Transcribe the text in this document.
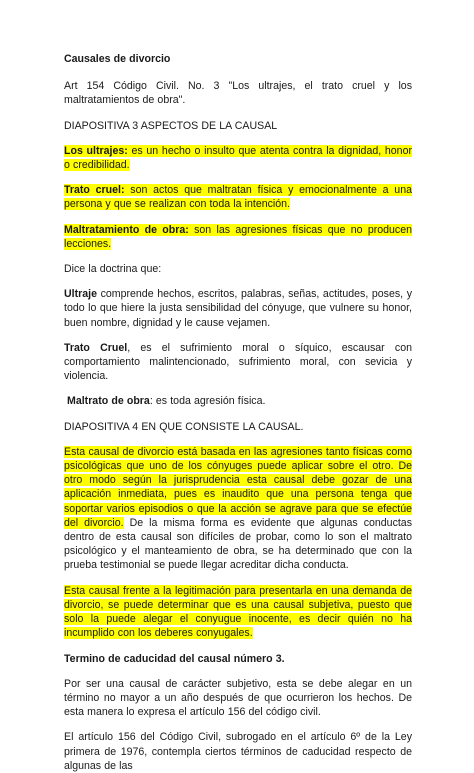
Causales de divorcio

Art 154 Código Civil. No. 3 "Los ultrajes, el trato cruel y los maltratamientos de obra".

DIAPOSITIVA 3 ASPECTOS DE LA CAUSAL

Los ultrajes: es un hecho o insulto que atenta contra la dignidad, honor o credibilidad.

Trato cruel: son actos que maltratan física y emocionalmente a una persona y que se realizan con toda la intención.

Maltratamiento de obra: son las agresiones físicas que no producen lecciones.

Dice la doctrina que:

Ultraje comprende hechos, escritos, palabras, señas, actitudes, poses, y todo lo que hiere la justa sensibilidad del cónyuge, que vulnere su honor, buen nombre, dignidad y le cause vejamen.

Trato Cruel, es el sufrimiento moral o síquico, escausar con comportamiento malintencionado, sufrimiento moral, con sevicia y violencia.

Maltrato de obra: es toda agresión física.

DIAPOSITIVA 4 EN QUE CONSISTE LA CAUSAL.

Esta causal de divorcio está basada en las agresiones tanto físicas como psicológicas que uno de los cónyuges puede aplicar sobre el otro. De otro modo según la jurisprudencia esta causal debe gozar de una aplicación inmediata, pues es inaudito que una persona tenga que soportar varios episodios o que la acción se agrave para que se efectúe del divorcio. De la misma forma es evidente que algunas conductas dentro de esta causal son difíciles de probar, como lo son el maltrato psicológico y el manteamiento de obra, se ha determinado que con la prueba testimonial se puede llegar acreditar dicha conducta.

Esta causal frente a la legitimación para presentarla en una demanda de divorcio, se puede determinar que es una causal subjetiva, puesto que solo la puede alegar el conyugue inocente, es decir quién no ha incumplido con los deberes conyugales.

Termino de caducidad del causal número 3.

Por ser una causal de carácter subjetivo, esta se debe alegar en un término no mayor a un año después de que ocurrieron los hechos. De esta manera lo expresa el artículo 156 del código civil.

El artículo 156 del Código Civil, subrogado en el artículo 6º de la Ley primera de 1976, contempla ciertos términos de caducidad respecto de algunas de las
